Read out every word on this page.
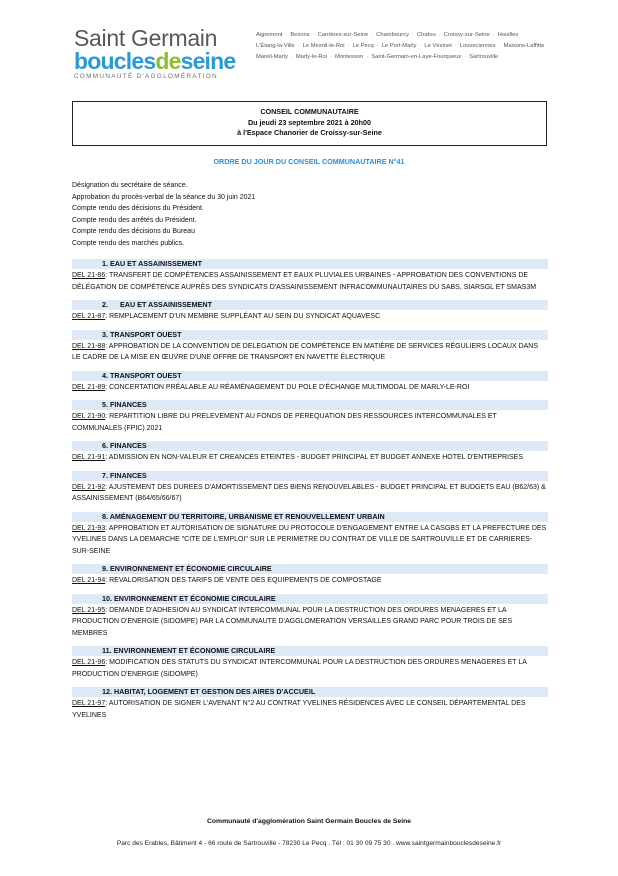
Saint Germain
bouclesdeseine
COMMUNAUTÉ D'AGGLOMÉRATION
Aigremont · Bezons · Carrières-sur-Seine · Chambourcy · Chatou · Croissy-sur-Seine · Houilles
L'Étang-la-Ville · Le Mesnil-le-Roi · Le Pecq · Le Port-Marly · Le Vésinet · Louveciennes · Maisons-Laffitte
Mareil-Marly · Marly-le-Roi · Montesson · Saint-Germain-en-Laye-Fourqueux · Sartrouville
CONSEIL COMMUNAUTAIRE
Du jeudi 23 septembre 2021 à 20h00
à l'Espace Chanorier de Croissy-sur-Seine
ORDRE DU JOUR DU CONSEIL COMMUNAUTAIRE N°41
Désignation du secrétaire de séance.
Approbation du procès-verbal de la séance du 30 juin 2021
Compte rendu des décisions du Président.
Compte rendu des arrêtés du Président.
Compte rendu des décisions du Bureau
Compte rendu des marchés publics.
1. EAU ET ASSAINISSEMENT
DEL 21-86: TRANSFERT DE COMPÉTENCES ASSAINISSEMENT ET EAUX PLUVIALES URBAINES - APPROBATION DES CONVENTIONS DE DÉLÉGATION DE COMPÉTENCE AUPRÈS DES SYNDICATS D'ASSAINISSEMENT INFRACOMMUNAUTAIRES DU SABS, SIARSGL ET SMAS3M
2.      EAU ET ASSAINISSEMENT
DEL 21-87: REMPLACEMENT D'UN MEMBRE SUPPLÉANT AU SEIN DU SYNDICAT AQUAVESC
3. TRANSPORT OUEST
DEL 21-88: APPROBATION DE LA CONVENTION DE DELEGATION DE COMPÉTENCE EN MATIÈRE DE SERVICES RÉGULIERS LOCAUX DANS LE CADRE DE LA MISE EN ŒUVRE D'UNE OFFRE DE TRANSPORT EN NAVETTE ÉLECTRIQUE
4. TRANSPORT OUEST
DEL 21-89: CONCERTATION PRÉALABLE AU RÉAMÉNAGEMENT DU POLE D'ÉCHANGE MULTIMODAL DE MARLY-LE-ROI
5. FINANCES
DEL 21-90: REPARTITION LIBRE DU PRELEVEMENT AU FONDS DE PEREQUATION DES RESSOURCES INTERCOMMUNALES ET COMMUNALES (FPIC) 2021
6. FINANCES
DEL 21-91: ADMISSION EN NON-VALEUR ET CREANCES ETEINTES - BUDGET PRINCIPAL ET BUDGET ANNEXE HOTEL D'ENTREPRISES
7. FINANCES
DEL 21-92: AJUSTEMENT DES DUREES D'AMORTISSEMENT DES BIENS RENOUVELABLES - BUDGET PRINCIPAL ET BUDGETS EAU (B62/63) & ASSAINISSEMENT (B64/65/66/67)
8. AMÉNAGEMENT DU TERRITOIRE, URBANISME ET RENOUVELLEMENT URBAIN
DEL 21-93: APPROBATION ET AUTORISATION DE SIGNATURE DU PROTOCOLE D'ENGAGEMENT ENTRE LA CASGBS ET LA PREFECTURE DES YVELINES DANS LA DEMARCHE "CITE DE L'EMPLOI" SUR LE PERIMETRE DU CONTRAT DE VILLE DE SARTROUVILLE ET DE CARRIERES-SUR-SEINE
9. ENVIRONNEMENT ET ÉCONOMIE CIRCULAIRE
DEL 21-94: REVALORISATION DES TARIFS DE VENTE DES EQUIPEMENTS DE COMPOSTAGE
10. ENVIRONNEMENT ET ÉCONOMIE CIRCULAIRE
DEL 21-95: DEMANDE D'ADHESION AU SYNDICAT INTERCOMMUNAL POUR LA DESTRUCTION DES ORDURES MENAGERES ET LA PRODUCTION D'ENERGIE (SIDOMPE) PAR LA COMMUNAUTE D'AGGLOMERATION VERSAILLES GRAND PARC POUR TROIS DE SES MEMBRES
11. ENVIRONNEMENT ET ÉCONOMIE CIRCULAIRE
DEL 21-96: MODIFICATION DES STATUTS DU SYNDICAT INTERCOMMUNAL POUR LA DESTRUCTION DES ORDURES MENAGERES ET LA PRODUCTION D'ENERGIE (SIDOMPE)
12. HABITAT, LOGEMENT ET GESTION DES AIRES D'ACCUEIL
DEL 21-97: AUTORISATION DE SIGNER L'AVENANT N°2 AU CONTRAT YVELINES RÉSIDENCES AVEC LE CONSEIL DÉPARTEMENTAL DES YVELINES
Communauté d'agglomération Saint Germain Boucles de Seine
Parc des Erables, Bâtiment 4 - 66 route de Sartrouville - 78230 Le Pecq . Tél : 01 30 09 75 30 . www.saintgermainbouclesdeseine.fr
